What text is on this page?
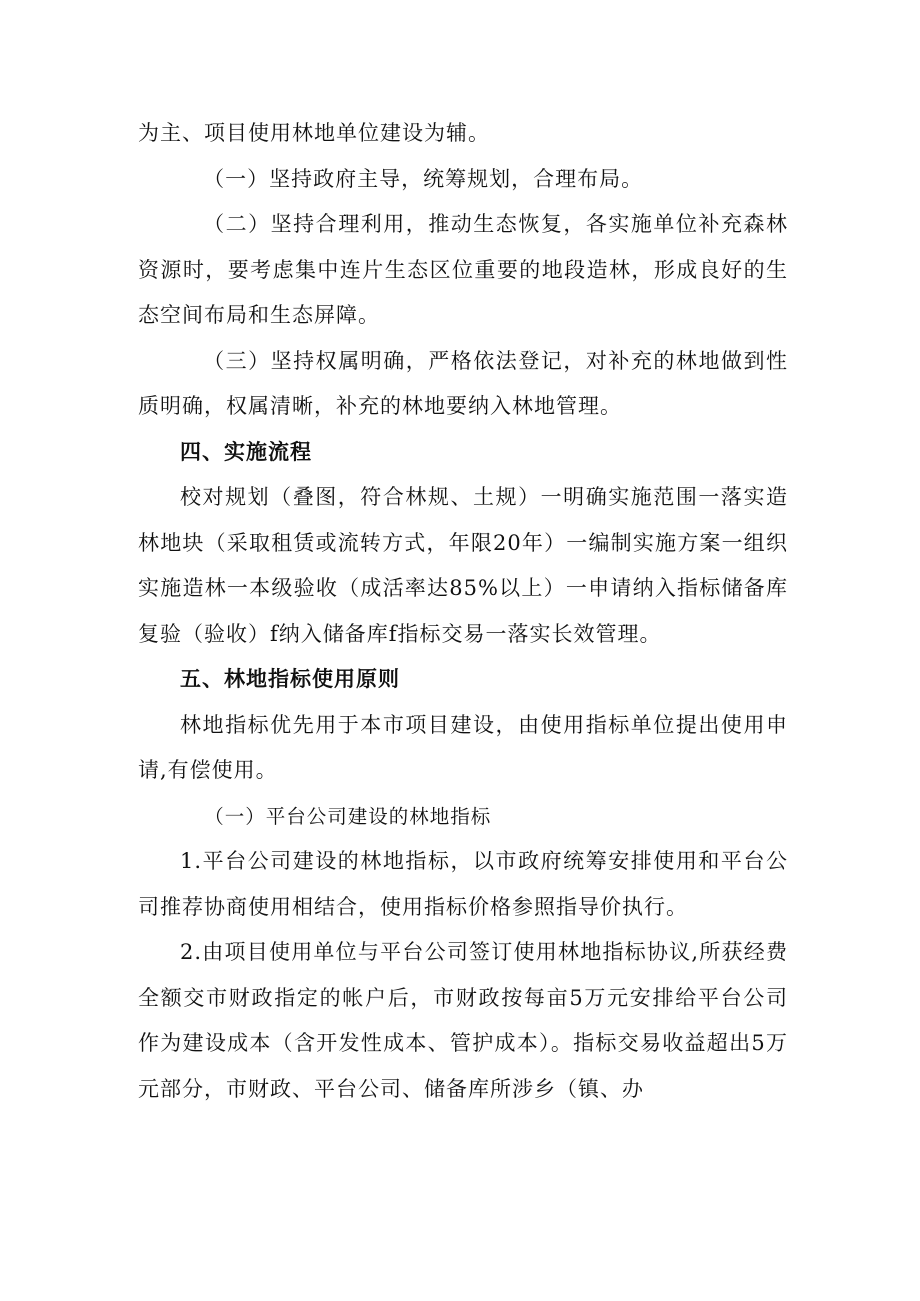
为主、项目使用林地单位建设为辅。

（一）坚持政府主导，统筹规划，合理布局。

（二）坚持合理利用，推动生态恢复，各实施单位补充森林资源时，要考虑集中连片生态区位重要的地段造林，形成良好的生态空间布局和生态屏障。

（三）坚持权属明确，严格依法登记，对补充的林地做到性质明确，权属清晰，补充的林地要纳入林地管理。

四、实施流程

校对规划（叠图，符合林规、土规）一明确实施范围一落实造林地块（采取租赁或流转方式，年限20年）一编制实施方案一组织实施造林一本级验收（成活率达85%以上）一申请纳入指标储备库复验（验收）f纳入储备库f指标交易一落实长效管理。

五、林地指标使用原则

林地指标优先用于本市项目建设，由使用指标单位提出使用申请,有偿使用。

（一）平台公司建设的林地指标

1.平台公司建设的林地指标，以市政府统筹安排使用和平台公司推荐协商使用相结合，使用指标价格参照指导价执行。

2.由项目使用单位与平台公司签订使用林地指标协议,所获经费全额交市财政指定的帐户后，市财政按每亩5万元安排给平台公司作为建设成本（含开发性成本、管护成本）。指标交易收益超出5万元部分，市财政、平台公司、储备库所涉乡（镇、办
